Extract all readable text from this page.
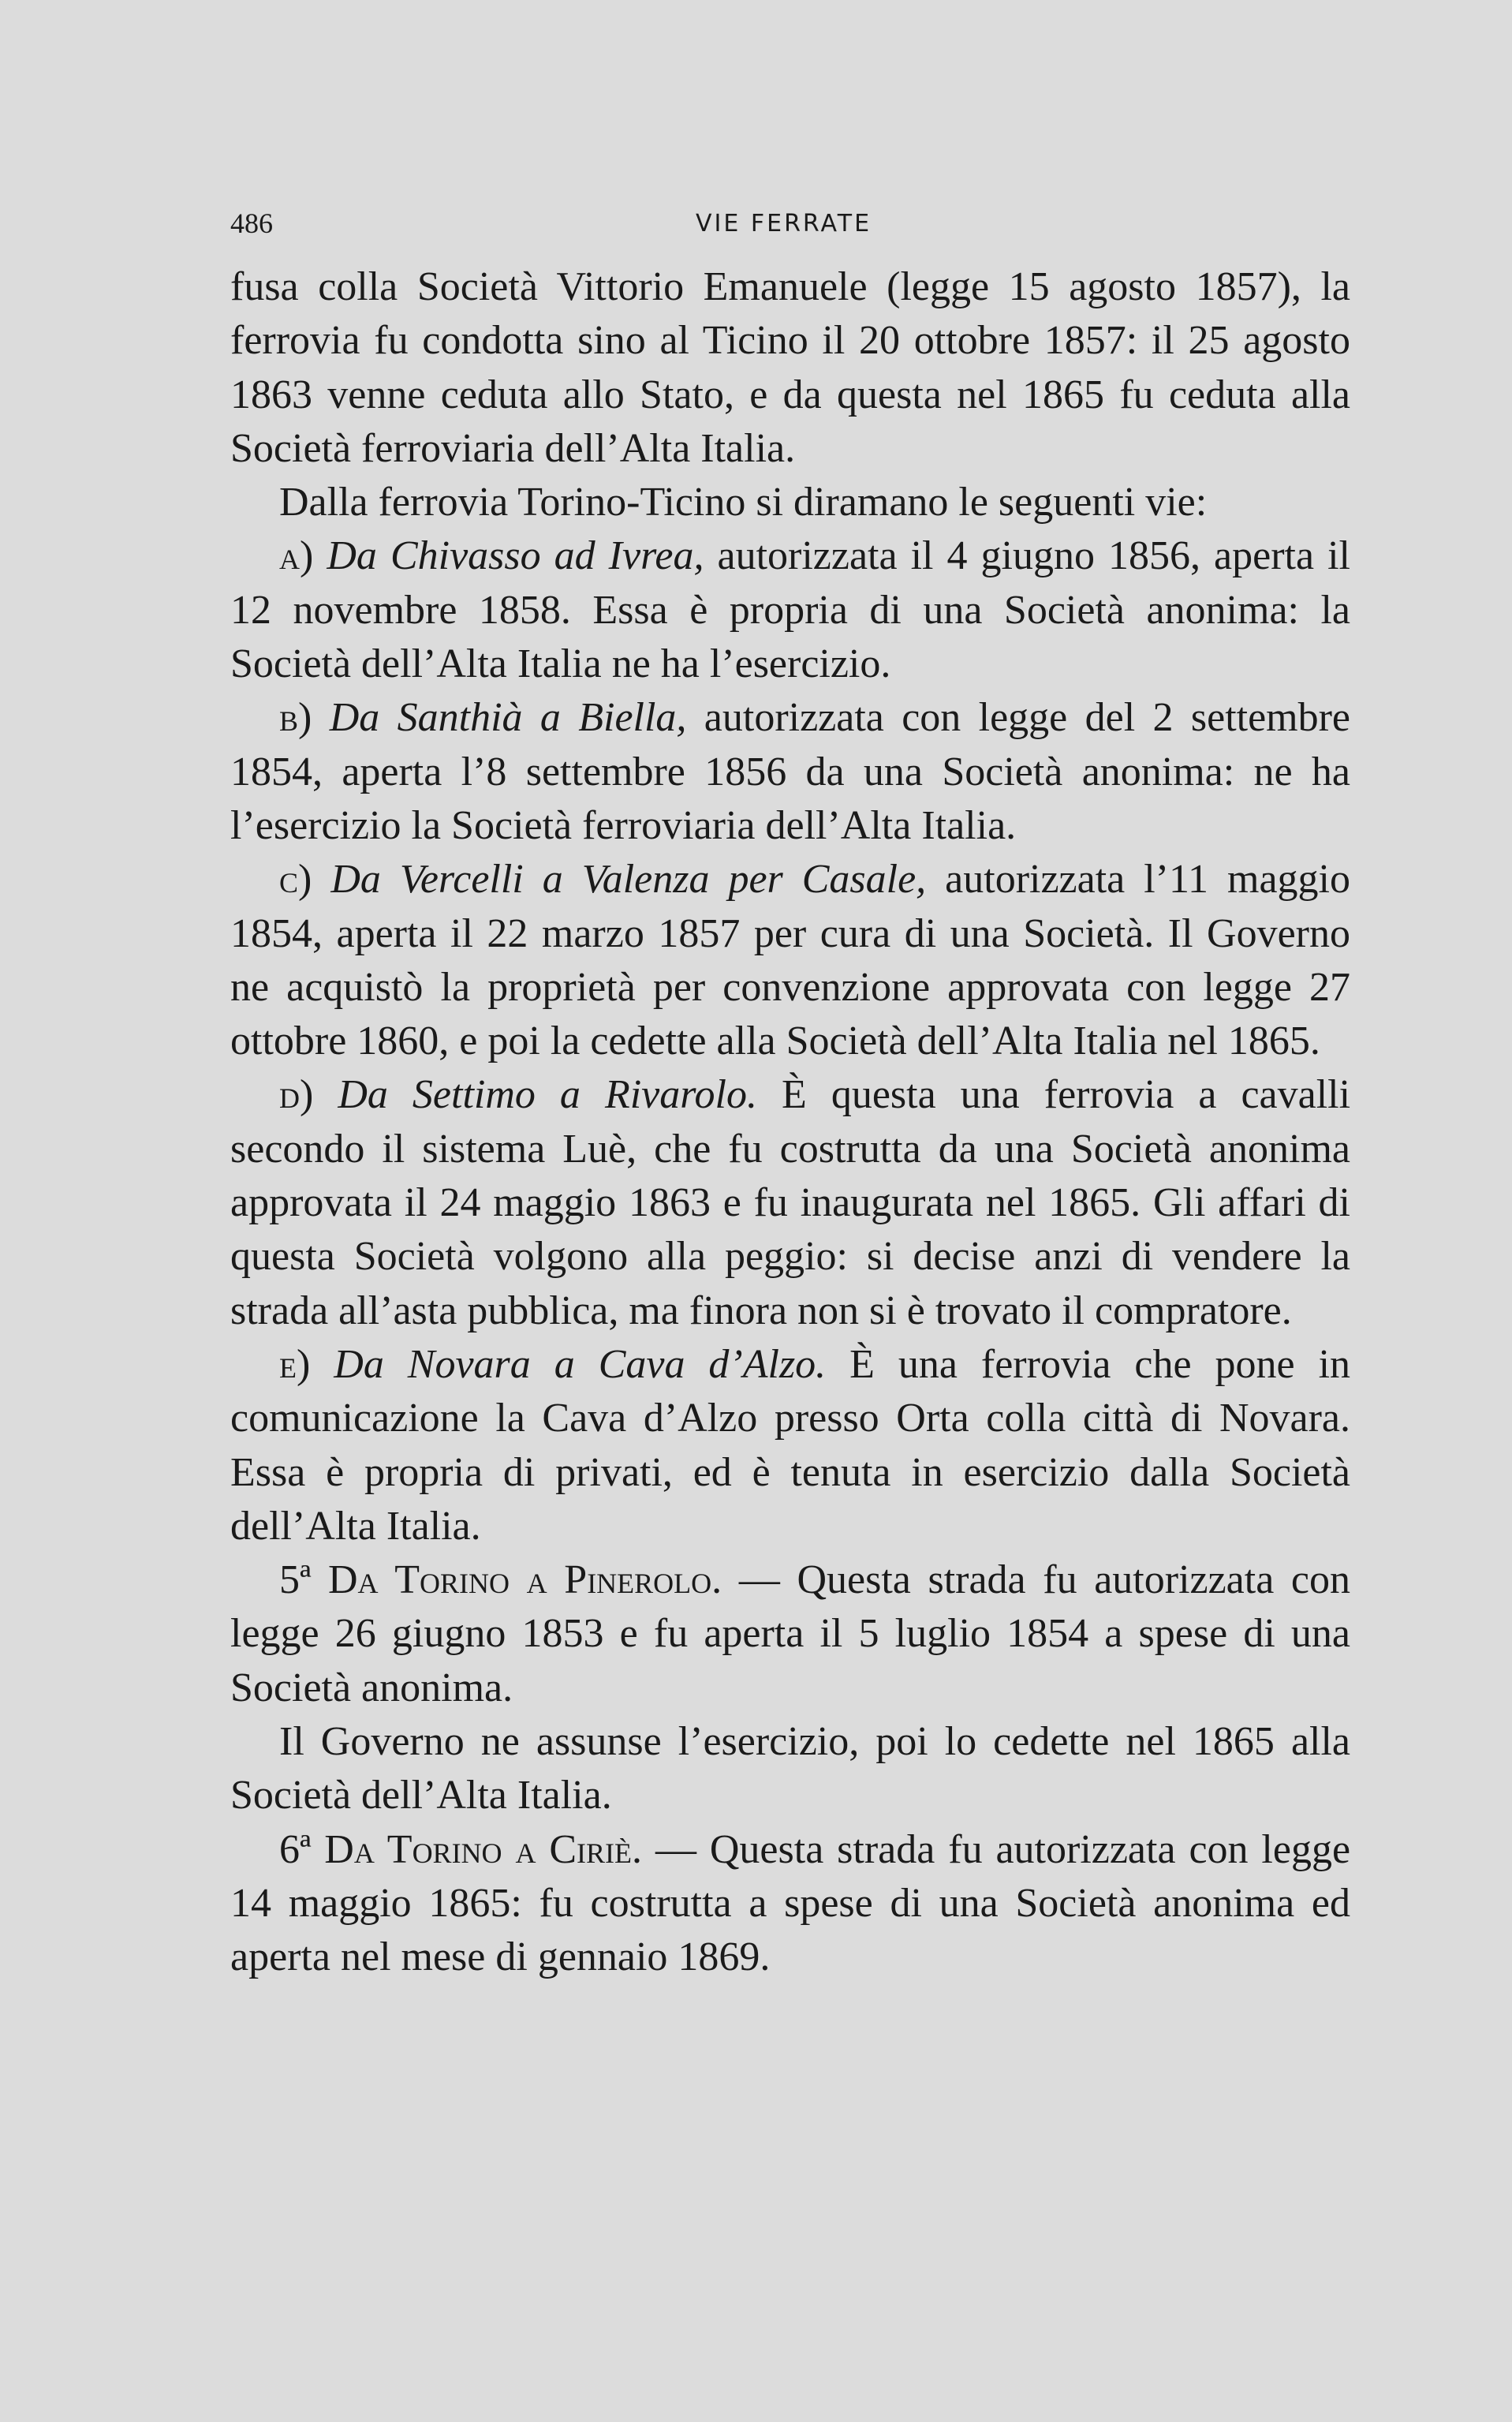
486	VIE FERRATE

fusa colla Società Vittorio Emanuele (legge 15 agosto 1857), la ferrovia fu condotta sino al Ticino il 20 ottobre 1857: il 25 agosto 1863 venne ceduta allo Stato, e da questa nel 1865 fu ceduta alla Società ferroviaria dell’Alta Italia.

Dalla ferrovia Torino-Ticino si diramano le seguenti vie:

a) Da Chivasso ad Ivrea, autorizzata il 4 giugno 1856, aperta il 12 novembre 1858. Essa è propria di una Società anonima: la Società dell’Alta Italia ne ha l’esercizio.

b) Da Santhià a Biella, autorizzata con legge del 2 settembre 1854, aperta l’8 settembre 1856 da una Società anonima: ne ha l’esercizio la Società ferroviaria dell’Alta Italia.

c) Da Vercelli a Valenza per Casale, autorizzata l’11 maggio 1854, aperta il 22 marzo 1857 per cura di una Società. Il Governo ne acquistò la proprietà per convenzione approvata con legge 27 ottobre 1860, e poi la cedette alla Società dell’Alta Italia nel 1865.

d) Da Settimo a Rivarolo. È questa una ferrovia a cavalli secondo il sistema Luè, che fu costrutta da una Società anonima approvata il 24 maggio 1863 e fu inaugurata nel 1865. Gli affari di questa Società volgono alla peggio: si decise anzi di vendere la strada all’asta pubblica, ma finora non si è trovato il compratore.

e) Da Novara a Cava d’Alzo. È una ferrovia che pone in comunicazione la Cava d’Alzo presso Orta colla città di Novara. Essa è propria di privati, ed è tenuta in esercizio dalla Società dell’Alta Italia.

5ª Da Torino a Pinerolo. — Questa strada fu autorizzata con legge 26 giugno 1853 e fu aperta il 5 luglio 1854 a spese di una Società anonima.

Il Governo ne assunse l’esercizio, poi lo cedette nel 1865 alla Società dell’Alta Italia.

6ª Da Torino a Ciriè. — Questa strada fu autorizzata con legge 14 maggio 1865: fu costrutta a spese di una Società anonima ed aperta nel mese di gennaio 1869.
